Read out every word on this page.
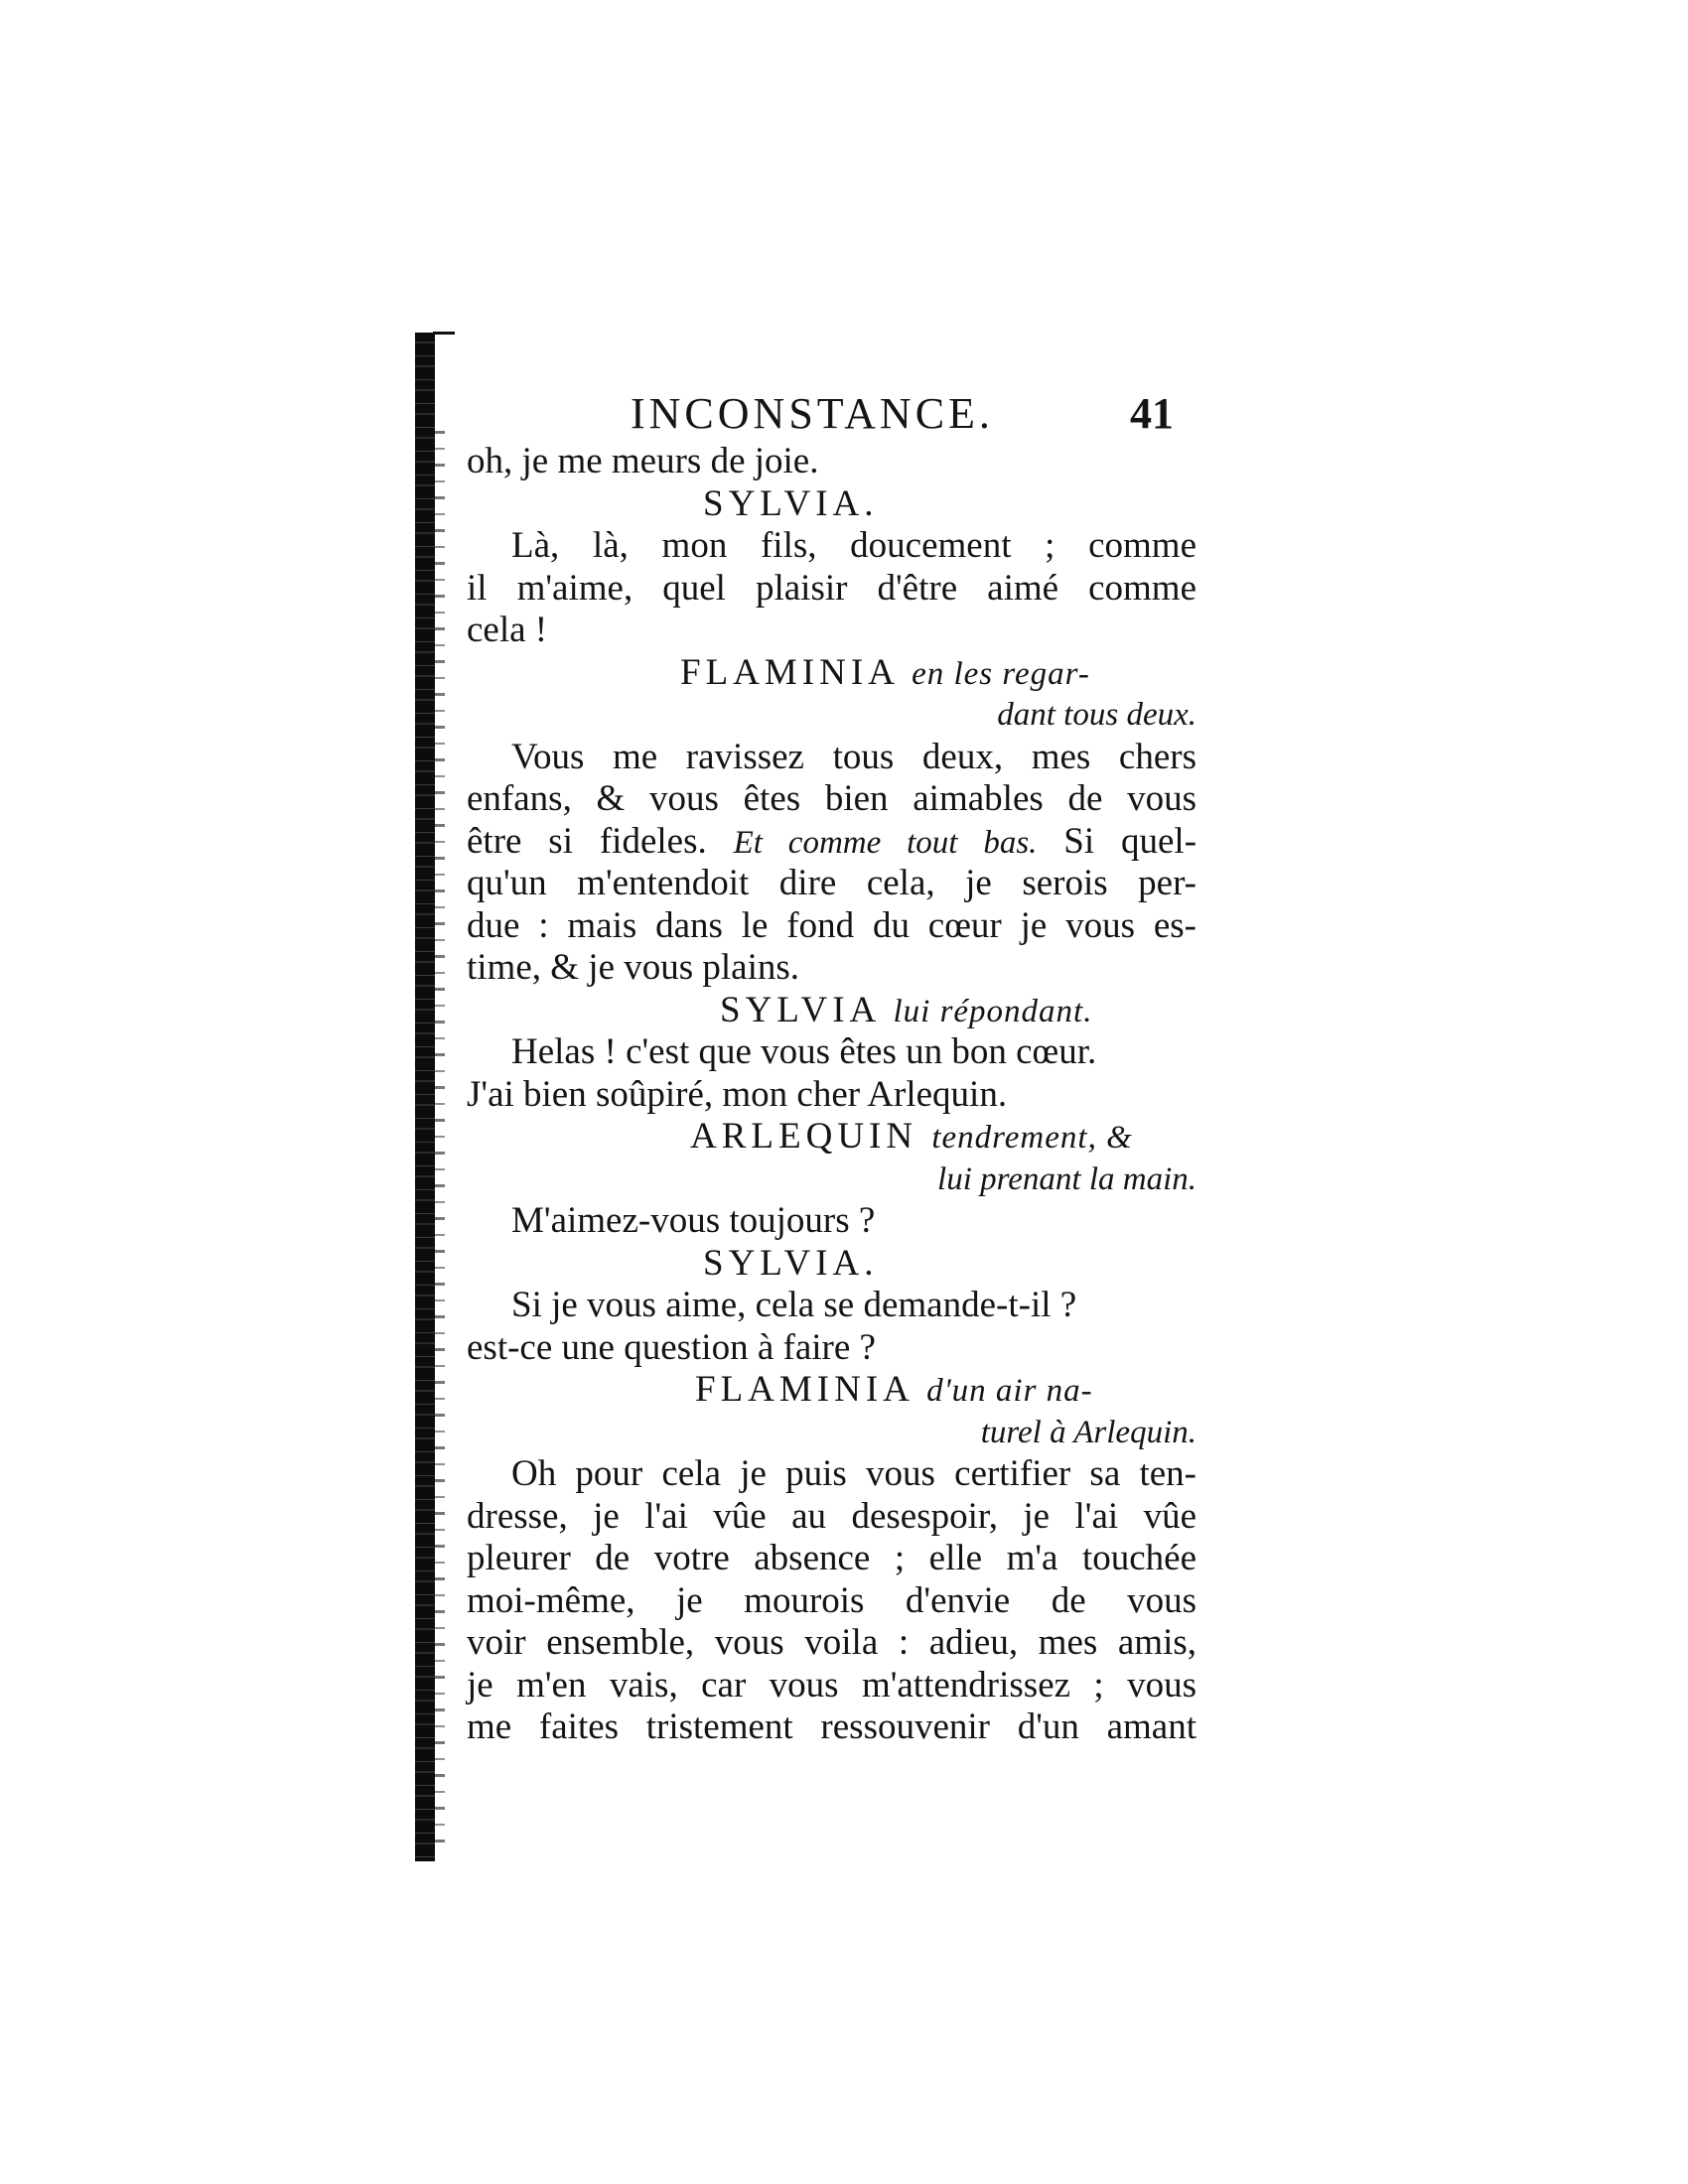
INCONSTANCE.	41
oh, je me meurs de joie.
SYLVIA.
Là, là, mon fils, doucement ; comme
il m'aime, quel plaisir d'être aimé comme
cela !
FLAMINIA en les regar-
dant tous deux.
Vous me ravissez tous deux, mes chers
enfans, & vous êtes bien aimables de vous
être si fideles. Et comme tout bas. Si quel-
qu'un m'entendoit dire cela, je serois per-
due : mais dans le fond du cœur je vous es-
time, & je vous plains.
SYLVIA lui répondant.
Helas ! c'est que vous êtes un bon cœur.
J'ai bien soûpiré, mon cher Arlequin.
ARLEQUIN tendrement, &
lui prenant la main.
M'aimez-vous toujours ?
SYLVIA.
Si je vous aime, cela se demande-t-il ?
est-ce une question à faire ?
FLAMINIA d'un air na-
turel à Arlequin.
Oh pour cela je puis vous certifier sa ten-
dresse, je l'ai vûe au desespoir, je l'ai vûe
pleurer de votre absence ; elle m'a touchée
moi-même, je mourois d'envie de vous
voir ensemble, vous voila : adieu, mes amis,
je m'en vais, car vous m'attendrissez ; vous
me faites tristement ressouvenir d'un amant
